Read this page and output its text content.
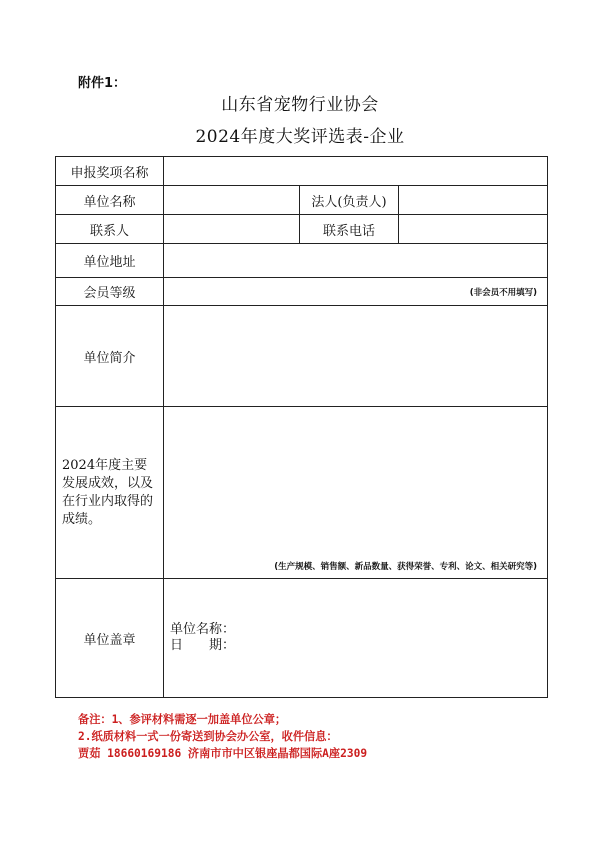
附件1：
山东省宠物行业协会
2024年度大奖评选表-企业
申报奖项名称			
单位名称		法人(负责人)	
联系人		联系电话	
单位地址			
会员等级	(非会员不用填写)		

单位简介			
2024年度主要发展成效，以及在行业内取得的成绩。	(生产规模、销售额、新品数量、获得荣誉、专利、论文、相关研究等)		

单位盖章	单位名称：
日　　期：		
备注：1、参评材料需逐一加盖单位公章；
2.纸质材料一式一份寄送到协会办公室，收件信息：
贾茹 18660169186 济南市市中区银座晶都国际A座2309
